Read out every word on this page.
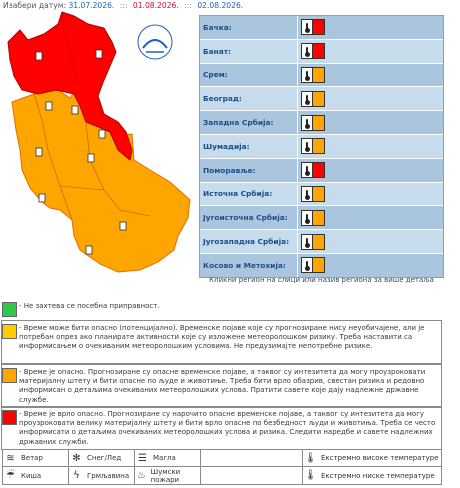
Изабери датум: 31.07.2026. ::: 01.08.2026. ::: 02.08.2026.
Бачка:
Банат:
Срем:
Београд:
Западна Србија:
Шумадија:
Поморавље:
Источна Србија:
Југоисточна Србија:
Југозападна Србија:
Косово и Метохија:
Кликни регион на слици или назив региона за више детаља
- Не захтева се посебна приправност.
- Време може бити опасно (потенцијално). Временске појаве које су прогнозиране нису неуобичајене, али је потребан опрез ако планирате активности које су изложене метеоролошком ризику. Треба наставити са информисањем о очекиваним метеоролошким условима. Не предузимајте непотребне ризике.
- Време је опасно. Прогнозиране су опасне временске појаве, а таквог су интезитета да могу проузроковати материјалну штету и бити опасне по људе и животиње. Треба бити врло обазрив, свестан ризика и редовно информисан о детаљима очекиваних метеоролошких услова. Пратити савете које дају надлежне државне службе.
- Време је врло опасно. Прогнозиране су нарочито опасне временске појаве, а таквог су интезитета да могу проузроковати велику материјалну штету и бити врло опасне по безбедност људи и животиња. Треба се често информисати о детаљима очекиваних метеоролошких услова и ризика. Следити наредбе и савете надлежних државних служби.
≋ Ветар	✻ Снег/Лед ☰ Магла	🌡 Екстремно високе температуре
☔ Киша	ϟ	Грмљавина ♨ Шумски пожари	🌡 Екстремно ниске температуре
